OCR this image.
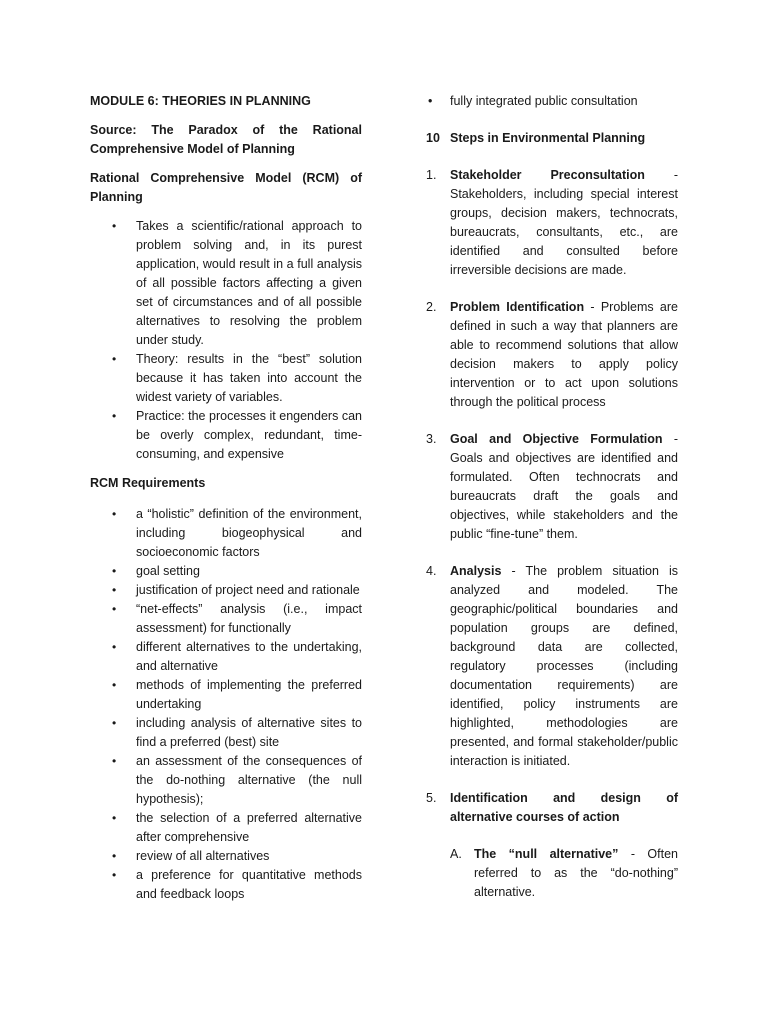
MODULE 6: THEORIES IN PLANNING

Source: The Paradox of the Rational Comprehensive Model of Planning

Rational Comprehensive Model (RCM) of Planning

• Takes a scientific/rational approach to problem solving and, in its purest application, would result in a full analysis of all possible factors affecting a given set of circumstances and of all possible alternatives to resolving the problem under study.
• Theory: results in the “best” solution because it has taken into account the widest variety of variables.
• Practice: the processes it engenders can be overly complex, redundant, time-consuming, and expensive

RCM Requirements

• a “holistic” definition of the environment, including biogeophysical and socioeconomic factors
• goal setting
• justification of project need and rationale
• “net-effects” analysis (i.e., impact assessment) for functionally
• different alternatives to the undertaking, and alternative
• methods of implementing the preferred undertaking
• including analysis of alternative sites to find a preferred (best) site
• an assessment of the consequences of the do-nothing alternative (the null hypothesis);
• the selection of a preferred alternative after comprehensive
• review of all alternatives
• a preference for quantitative methods and feedback loops
• fully integrated public consultation

10 Steps in Environmental Planning

1. Stakeholder Preconsultation - Stakeholders, including special interest groups, decision makers, technocrats, bureaucrats, consultants, etc., are identified and consulted before irreversible decisions are made.
2. Problem Identification - Problems are defined in such a way that planners are able to recommend solutions that allow decision makers to apply policy intervention or to act upon solutions through the political process
3. Goal and Objective Formulation - Goals and objectives are identified and formulated. Often technocrats and bureaucrats draft the goals and objectives, while stakeholders and the public “fine-tune” them.
4. Analysis - The problem situation is analyzed and modeled. The geographic/political boundaries and population groups are defined, background data are collected, regulatory processes (including documentation requirements) are identified, policy instruments are highlighted, methodologies are presented, and formal stakeholder/public interaction is initiated.
5. Identification and design of alternative courses of action
A. The “null alternative” - Often referred to as the “do-nothing” alternative.
